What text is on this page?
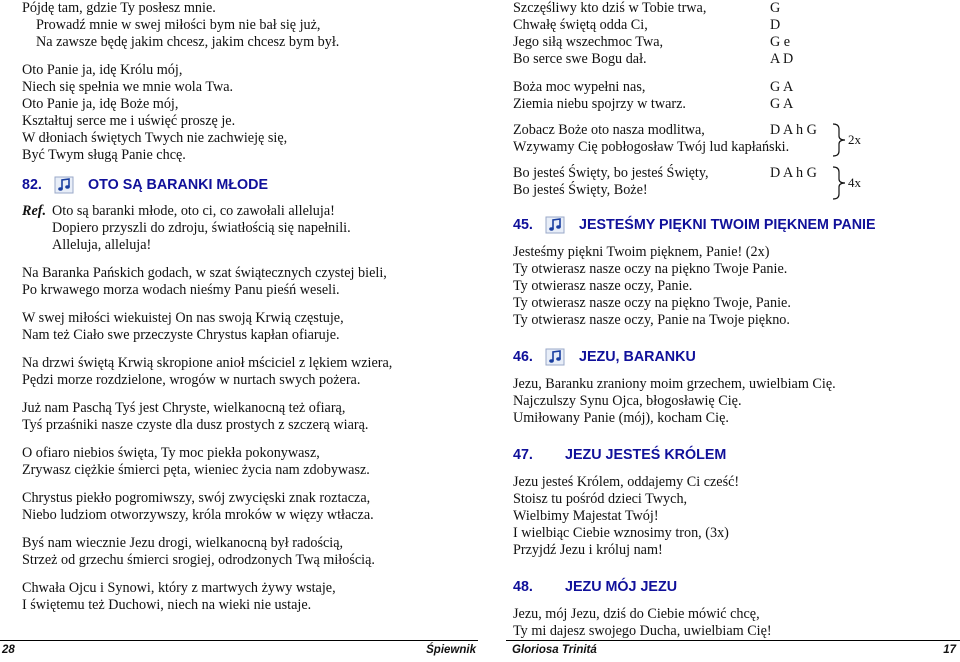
Pójdę tam, gdzie Ty posłesz mnie.
Prowadź mnie w swej miłości bym nie bał się już,
Na zawsze będę jakim chcesz, jakim chcesz bym był.
Oto Panie ja, idę Królu mój,
Niech się spełnia we mnie wola Twa.
Oto Panie ja, idę Boże mój,
Kształtuj serce me i uświęć proszę je.
W dłoniach świętych Twych nie zachwieję się,
Być Twym sługą Panie chcę.
82.	OTO SĄ BARANKI MŁODE
Ref. Oto są baranki młode, oto ci, co zawołali alleluja!
Dopiero przyszli do zdroju, światłością się napełnili.
Alleluja, alleluja!
Na Baranka Pańskich godach, w szat świątecznych czystej bieli,
Po krwawego morza wodach nieśmy Panu pieśń weseli.
W swej miłości wiekuistej On nas swoją Krwią częstuje,
Nam też Ciało swe przeczyste Chrystus kapłan ofiaruje.
Na drzwi świętą Krwią skropione anioł mściciel z lękiem wziera,
Pędzi morze rozdzielone, wrogów w nurtach swych pożera.
Już nam Paschą Tyś jest Chryste, wielkanocną też ofiarą,
Tyś przaśniki nasze czyste dla dusz prostych z szczerą wiarą.
O ofiaro niebios święta, Ty moc piekła pokonywasz,
Zrywasz ciężkie śmierci pęta, wieniec życia nam zdobywasz.
Chrystus piekło pogromiwszy, swój zwycięski znak roztacza,
Niebo ludziom otworzywszy, króla mroków w więzy wtłacza.
Byś nam wiecznie Jezu drogi, wielkanocną był radością,
Strzeż od grzechu śmierci srogiej, odrodzonych Twą miłością.
Chwała Ojcu i Synowi, który z martwych żywy wstaje,
I świętemu też Duchowi, niech na wieki nie ustaje.
Szczęśliwy kto dziś w Tobie trwa,	G
Chwałę świętą odda Ci,	D
Jego siłą wszechmoc Twa,	G e
Bo serce swe Bogu dał.	A D
Boża moc wypełni nas,	G A
Ziemia niebu spojrzy w twarz.	G A
Zobacz Boże oto nasza modlitwa,	D A h G
Wzywamy Cię pobłogosław Twój lud kapłański.	2x
Bo jesteś Święty, bo jesteś Święty,	D A h G
Bo jesteś Święty, Boże!	4x
45.	JESTEŚMY PIĘKNI TWOIM PIĘKNEM PANIE
Jesteśmy piękni Twoim pięknem, Panie! (2x)
Ty otwierasz nasze oczy na piękno Twoje Panie.
Ty otwierasz nasze oczy, Panie.
Ty otwierasz nasze oczy na piękno Twoje, Panie.
Ty otwierasz nasze oczy, Panie na Twoje piękno.
46.	JEZU, BARANKU
Jezu, Baranku zraniony moim grzechem, uwielbiam Cię.
Najczulszy Synu Ojca, błogosławię Cię.
Umiłowany Panie (mój), kocham Cię.
47.	JEZU JESTEŚ KRÓLEM
Jezu jesteś Królem, oddajemy Ci cześć!
Stoisz tu pośród dzieci Twych,
Wielbimy Majestat Twój!
I wielbiąc Ciebie wznosimy tron, (3x)
Przyjdź Jezu i króluj nam!
48.	JEZU MÓJ JEZU
Jezu, mój Jezu, dziś do Ciebie mówić chcę,
Ty mi dajesz swojego Ducha, uwielbiam Cię!
28	Śpiewnik	Gloriosa Trinitá	17
